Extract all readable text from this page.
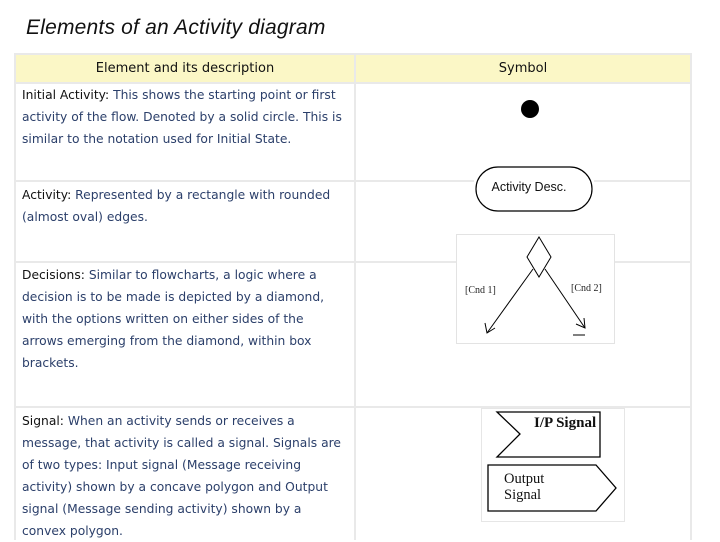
Elements of an Activity diagram
Element and its description	Symbol
Initial Activity: This shows the starting point or first activity of the flow. Denoted by a solid circle. This is similar to the notation used for Initial State.
Activity: Represented by a rectangle with rounded (almost oval) edges.
Decisions: Similar to flowcharts, a logic where a decision is to be made is depicted by a diamond, with the options written on either sides of the arrows emerging from the diamond, within box brackets.
Signal: When an activity sends or receives a message, that activity is called a signal. Signals are of two types: Input signal (Message receiving activity) shown by a concave polygon and Output signal (Message sending activity) shown by a convex polygon.
Activity Desc.
[Cnd 1]	[Cnd 2]
I/P Signal
Output
Signal
